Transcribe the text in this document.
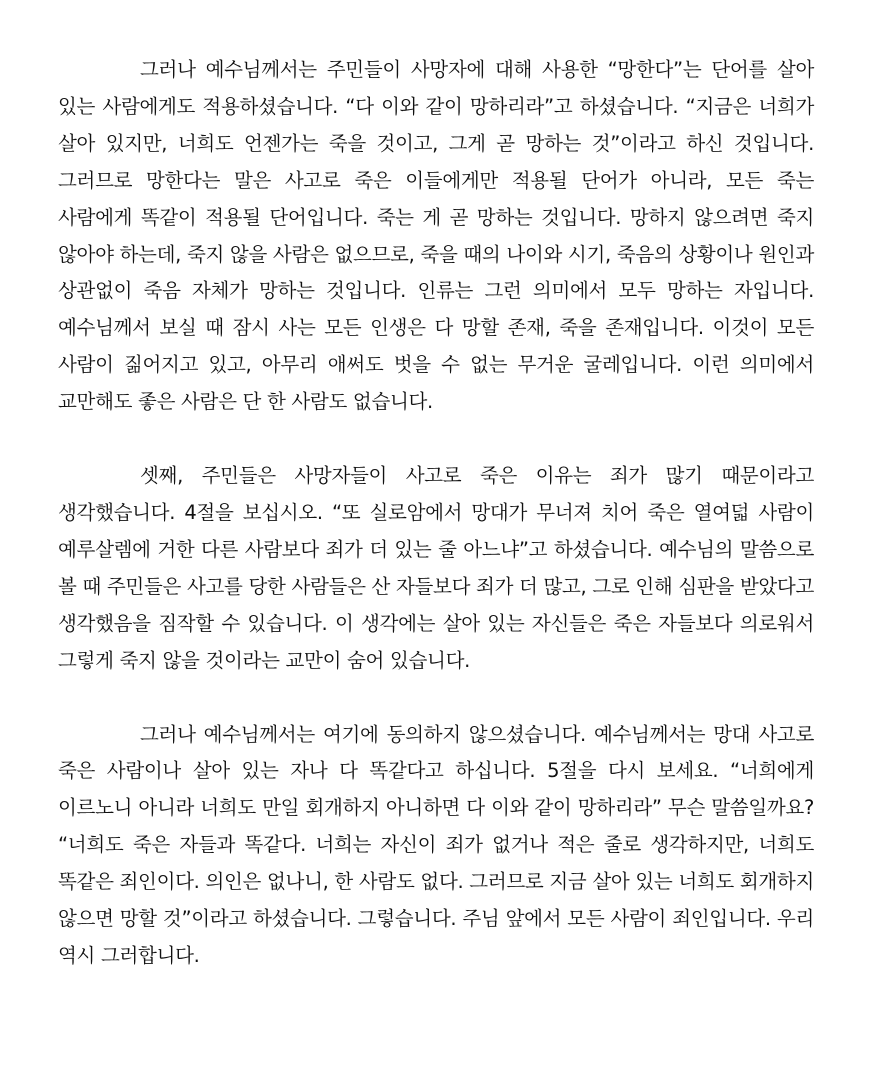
그러나 예수님께서는 주민들이 사망자에 대해 사용한 “망한다”는 단어를 살아 있는 사람에게도 적용하셨습니다. “다 이와 같이 망하리라”고 하셨습니다. “지금은 너희가 살아 있지만, 너희도 언젠가는 죽을 것이고, 그게 곧 망하는 것”이라고 하신 것입니다. 그러므로 망한다는 말은 사고로 죽은 이들에게만 적용될 단어가 아니라, 모든 죽는 사람에게 똑같이 적용될 단어입니다. 죽는 게 곧 망하는 것입니다. 망하지 않으려면 죽지 않아야 하는데, 죽지 않을 사람은 없으므로, 죽을 때의 나이와 시기, 죽음의 상황이나 원인과 상관없이 죽음 자체가 망하는 것입니다. 인류는 그런 의미에서 모두 망하는 자입니다. 예수님께서 보실 때 잠시 사는 모든 인생은 다 망할 존재, 죽을 존재입니다. 이것이 모든 사람이 짊어지고 있고, 아무리 애써도 벗을 수 없는 무거운 굴레입니다. 이런 의미에서 교만해도 좋은 사람은 단 한 사람도 없습니다.

셋째, 주민들은 사망자들이 사고로 죽은 이유는 죄가 많기 때문이라고 생각했습니다. 4절을 보십시오. “또 실로암에서 망대가 무너져 치어 죽은 열여덟 사람이 예루살렘에 거한 다른 사람보다 죄가 더 있는 줄 아느냐”고 하셨습니다. 예수님의 말씀으로 볼 때 주민들은 사고를 당한 사람들은 산 자들보다 죄가 더 많고, 그로 인해 심판을 받았다고 생각했음을 짐작할 수 있습니다. 이 생각에는 살아 있는 자신들은 죽은 자들보다 의로워서 그렇게 죽지 않을 것이라는 교만이 숨어 있습니다.

그러나 예수님께서는 여기에 동의하지 않으셨습니다. 예수님께서는 망대 사고로 죽은 사람이나 살아 있는 자나 다 똑같다고 하십니다. 5절을 다시 보세요. “너희에게 이르노니 아니라 너희도 만일 회개하지 아니하면 다 이와 같이 망하리라” 무슨 말씀일까요? “너희도 죽은 자들과 똑같다. 너희는 자신이 죄가 없거나 적은 줄로 생각하지만, 너희도 똑같은 죄인이다. 의인은 없나니, 한 사람도 없다. 그러므로 지금 살아 있는 너희도 회개하지 않으면 망할 것”이라고 하셨습니다. 그렇습니다. 주님 앞에서 모든 사람이 죄인입니다. 우리 역시 그러합니다.
